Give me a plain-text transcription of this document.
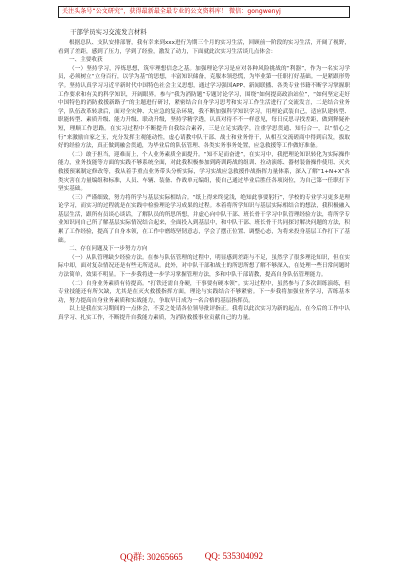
关注头条号“公文研究”，获得最新最全最专业的公文资料库！ 微信：gongwenyj
干部学员实习交流发言材料

根据总队、支队安排部署，我有幸来到xxx进行为期三个月的实习生活，回顾前一阶段的实习生活，开阔了视野，看到了差距，感到了压力，学到了经验，激发了动力，下面就此次实习生活谈几点体会：

一、主要收获

（一）坚持学习，淬炼思想，筑牢理想信念之基。加强理论学习是应对各种风险挑战的“利器”，作为一名实习学员，必须树立“立身百行，以学为基”的思想，丰富知识储备，克服本领恐慌，为毕业第一任职打好基础。一是紧跟形势学。坚持认真学习习近平新时代中国特色社会主义思想，通过学习强国APP、新闻联播、各类专业书籍不断学习掌握职工作要求和有关的科学知识，开阔眼界。参与“我为消防题”专题讨论学习，围绕“如何提高政治站位”，“如何坚定走好中国特色的消防救援新路子”的主题进行研讨，紧密结合自身学习思考和实习工作生活进行了交流发言，二是结合业务学，队伍改革转隶后，面对全灾种、大应急的复杂环境，我不断加强科学知识学习，用理论武装自己，适应队建转型、职能转型、素质升级、能力升级、联动升级，坚持学精学透，认真对待不不一样意见，每日反思寻找差距，做到释疑补短，理顺工作思路。在实习过程中不断提升自我综合素养，三是立足实践学。注重学思贯通、知行合一，以“悟心之行”来激励自家之玉，充分发挥主观能动性，虚心请教中队干部、战士和业务骨干，从相互交流磋商中得到启发，拔取好的经验方法，真正做到融会贯通，为毕业后的队伍管理、各类实务事务处置，应急救援等工作做好准备。

（二）敢于担当，迎难而上，个人业务素质全面提升。“知不足而奋进”，在实习中，我把理论知识转化为实际操作能力，业务技能等方面的实践不够系统全面，对此我积极参加到跨训跨战的组训、拉动演练、器材装备操作使用、灭火救援预案制定修改等，我从着手重点业务带头分析实际，学习实战应急救援作战指挥力量体系，深入了解“1+N+X”各类灾害在力量编组和标准，人员、车辆、装备、作战单元编组，使自己通过毕业后胜任各项岗位，为自己第一任职打下坚实基础。

（三）严谨细致，努力将所学与基层实际相结合。“纸上得来终觉浅，绝知此事要躬行”，学校的专业学习更多是理论学习，而实习的过程就是在实践中检验理论学习成果的过程。本着将所学知识与基层实际相结合的想法，我积极融入基层生活，跟所有员谈心谈话，了解队员的所思所想，并虚心向中队干部、班长骨干学习中队管理经验方法，将所学专业知识同自己所了解基层实际情况结合起来，全面投入到基层中，和中队干部、班长骨干共同探讨解决问题的方法，积累了工作经验，提高了自身本领，在工作中磨练坚韧意志，学会了摆正位置、调整心态，为将来投身基层工作打下了基础。

二、存在问题及下一步努力方向

（一）从队管理缺少经验方法。在参与队伍管理的过程中，明显感到差距与不足，虽然学了很多理论知识，但在实际中却，面对复杂情况还是有些无所适从。此外，对中队干部和战士的所思所想了解不够深入，在处理一些日常问题时方法简单，效果不明显。下一步我将进一步学习掌握管理方法，多和中队干部请教，提高自身队伍管理能力。

（二）自身业务素质有待提高。“打铁还需自身硬，干事要有硬本领”。实习过程中，虽然参与了多次训练演练，但专业技能还有所欠缺，尤其是在灭火救援指挥方面，理论与实践结合不够紧密。下一步我将加强业务学习，苦练基本功，努力提高自身业务素质和实战能力，争取早日成为一名合格的基层指挥员。

以上是我在实习期间的一点体会，不妥之处请各位领导批评指正。我将以此次实习为新的起点，在今后的工作中认真学习、扎实工作，不断提升自我能力素质，为消防救援事业贡献自己的力量。

QQ群: 30265665 QQ: 535304092
